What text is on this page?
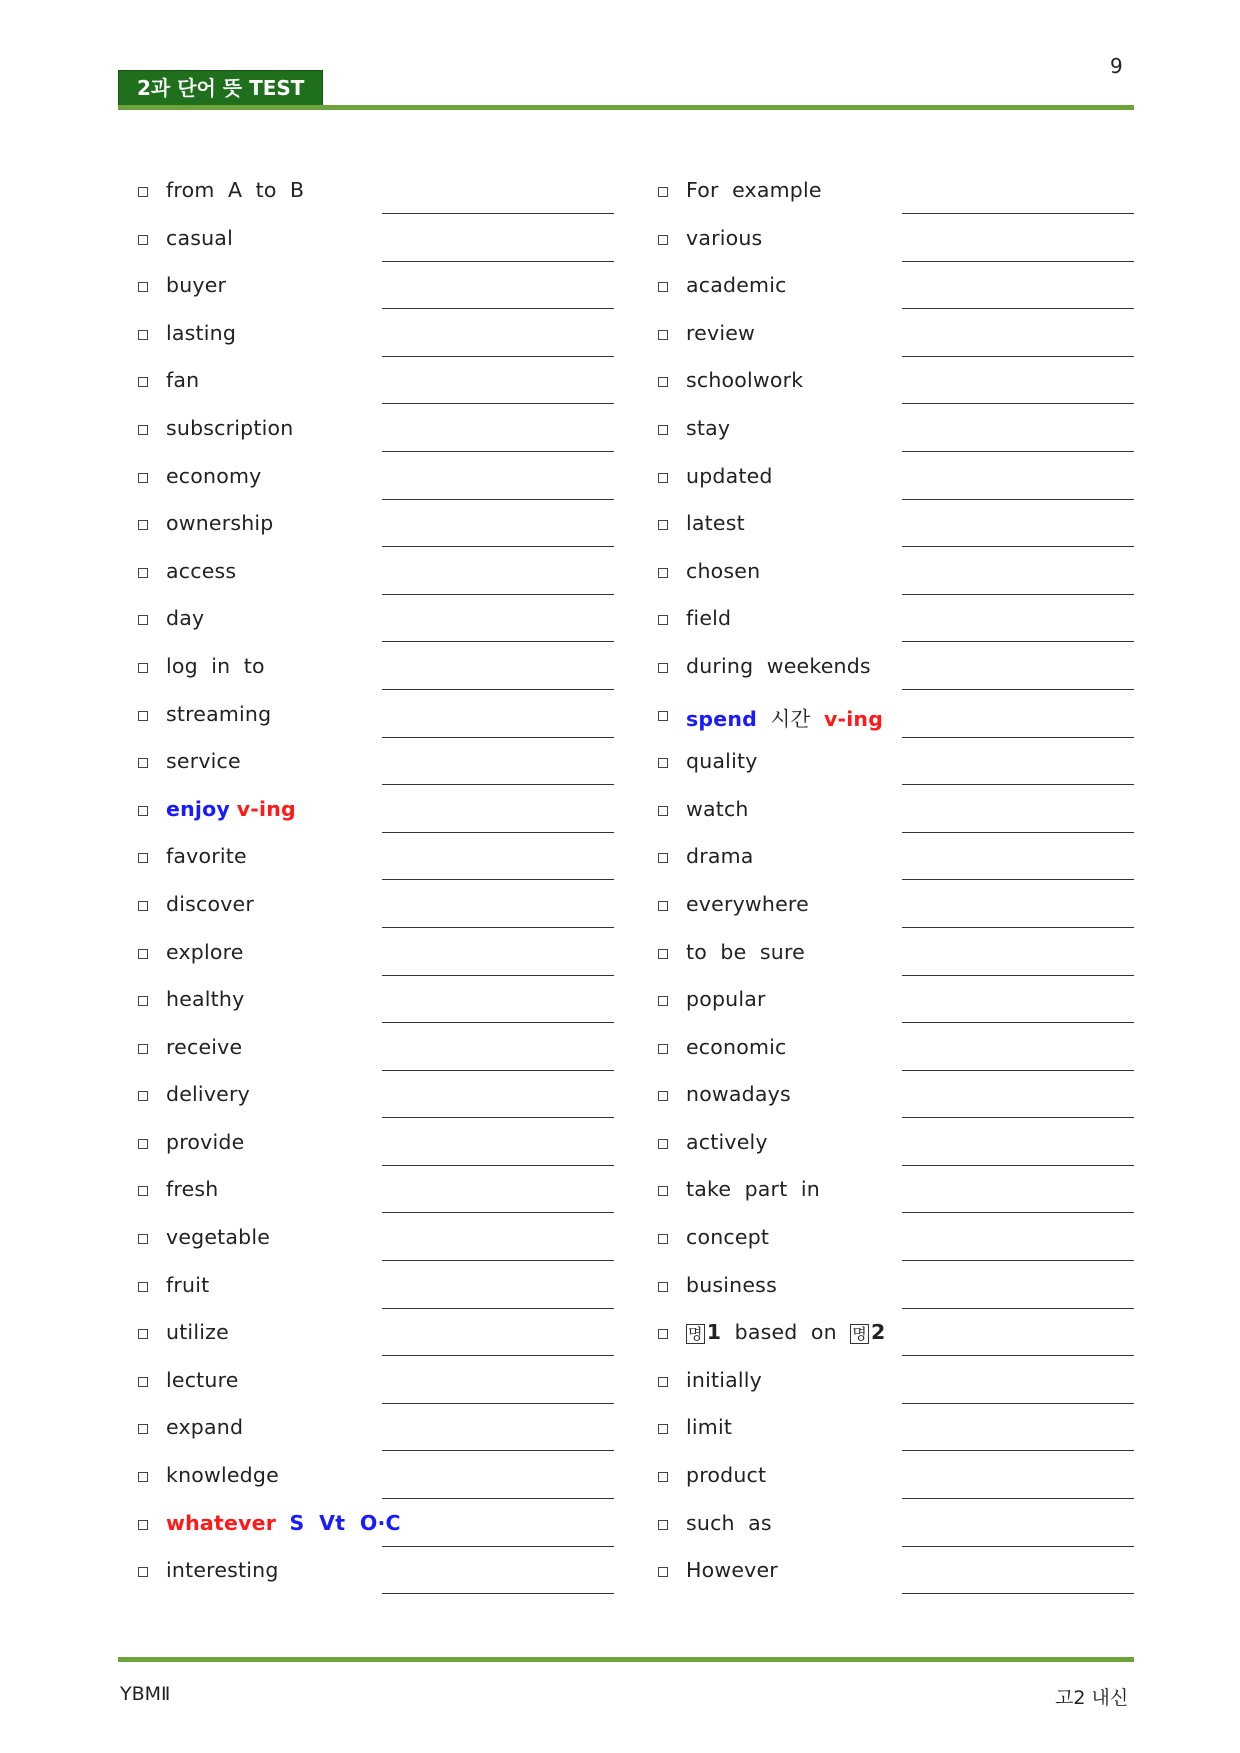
9
2과 단어 뜻 TEST
from  A  to  B
casual
buyer
lasting
fan
subscription
economy
ownership
access
day
log  in  to
streaming
service
enjoy v-ing
favorite
discover
explore
healthy
receive
delivery
provide
fresh
vegetable
fruit
utilize
lecture
expand
knowledge
whatever S  Vt  O·C
interesting
For  example
various
academic
review
schoolwork
stay
updated
latest
chosen
field
during  weekends
spend  시간  v-ing
quality
watch
drama
everywhere
to  be  sure
popular
economic
nowadays
actively
take  part  in
concept
business
명 1  based  on  명 2
initially
limit
product
such  as
However
YBMⅡ	고2 내신
